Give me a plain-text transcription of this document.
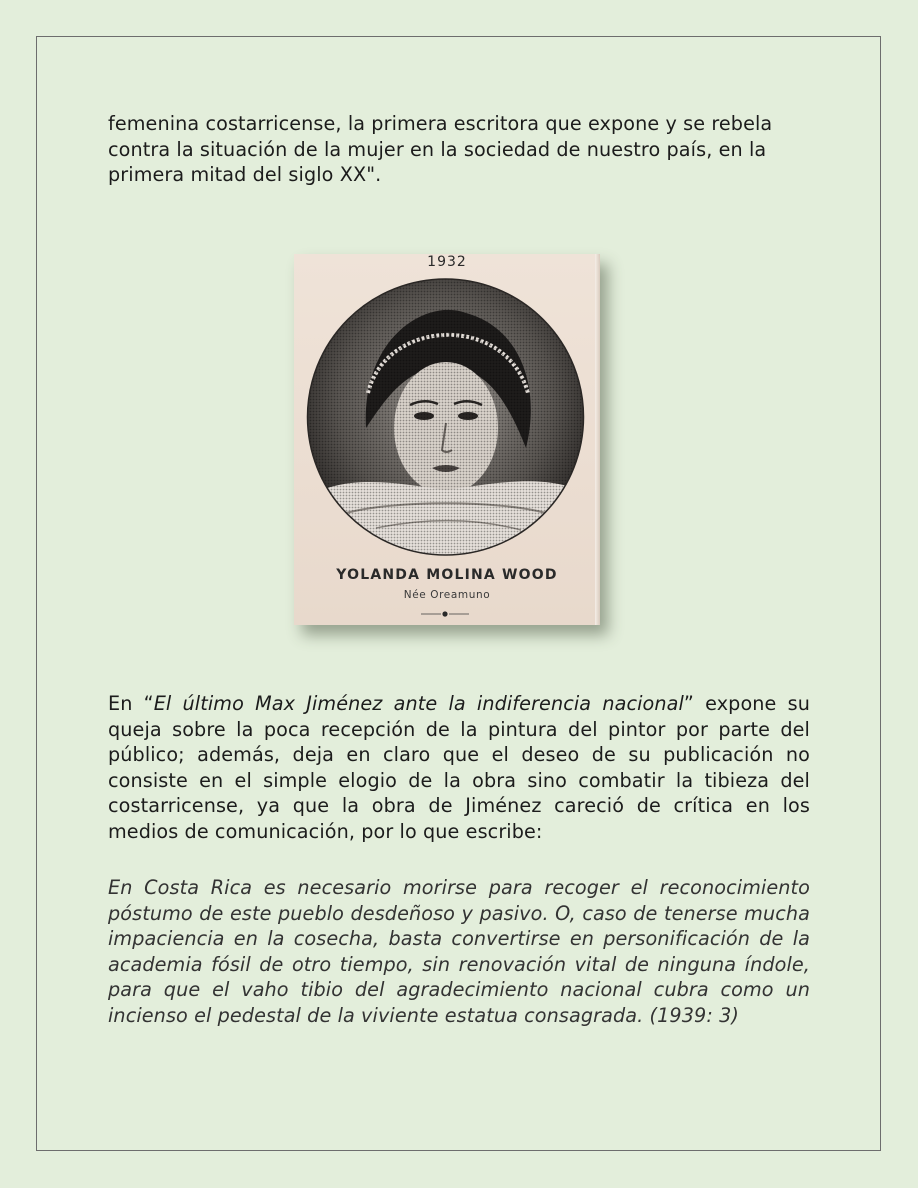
femenina costarricense, la primera escritora que expone y se rebela contra la situación de la mujer en la sociedad de nuestro país, en la primera mitad del siglo XX".

1932
YOLANDA MOLINA WOOD
Née Oreamuno

En “El último Max Jiménez ante la indiferencia nacional” expone su queja sobre la poca recepción de la pintura del pintor por parte del público; además, deja en claro que el deseo de su publicación no consiste en el simple elogio de la obra sino combatir la tibieza del costarricense, ya que la obra de Jiménez careció de crítica en los medios de comunicación, por lo que escribe:

En Costa Rica es necesario morirse para recoger el reconocimiento póstumo de este pueblo desdeñoso y pasivo. O, caso de tenerse mucha impaciencia en la cosecha, basta convertirse en personificación de la academia fósil de otro tiempo, sin renovación vital de ninguna índole, para que el vaho tibio del agradecimiento nacional cubra como un incienso el pedestal de la viviente estatua consagrada. (1939: 3)
